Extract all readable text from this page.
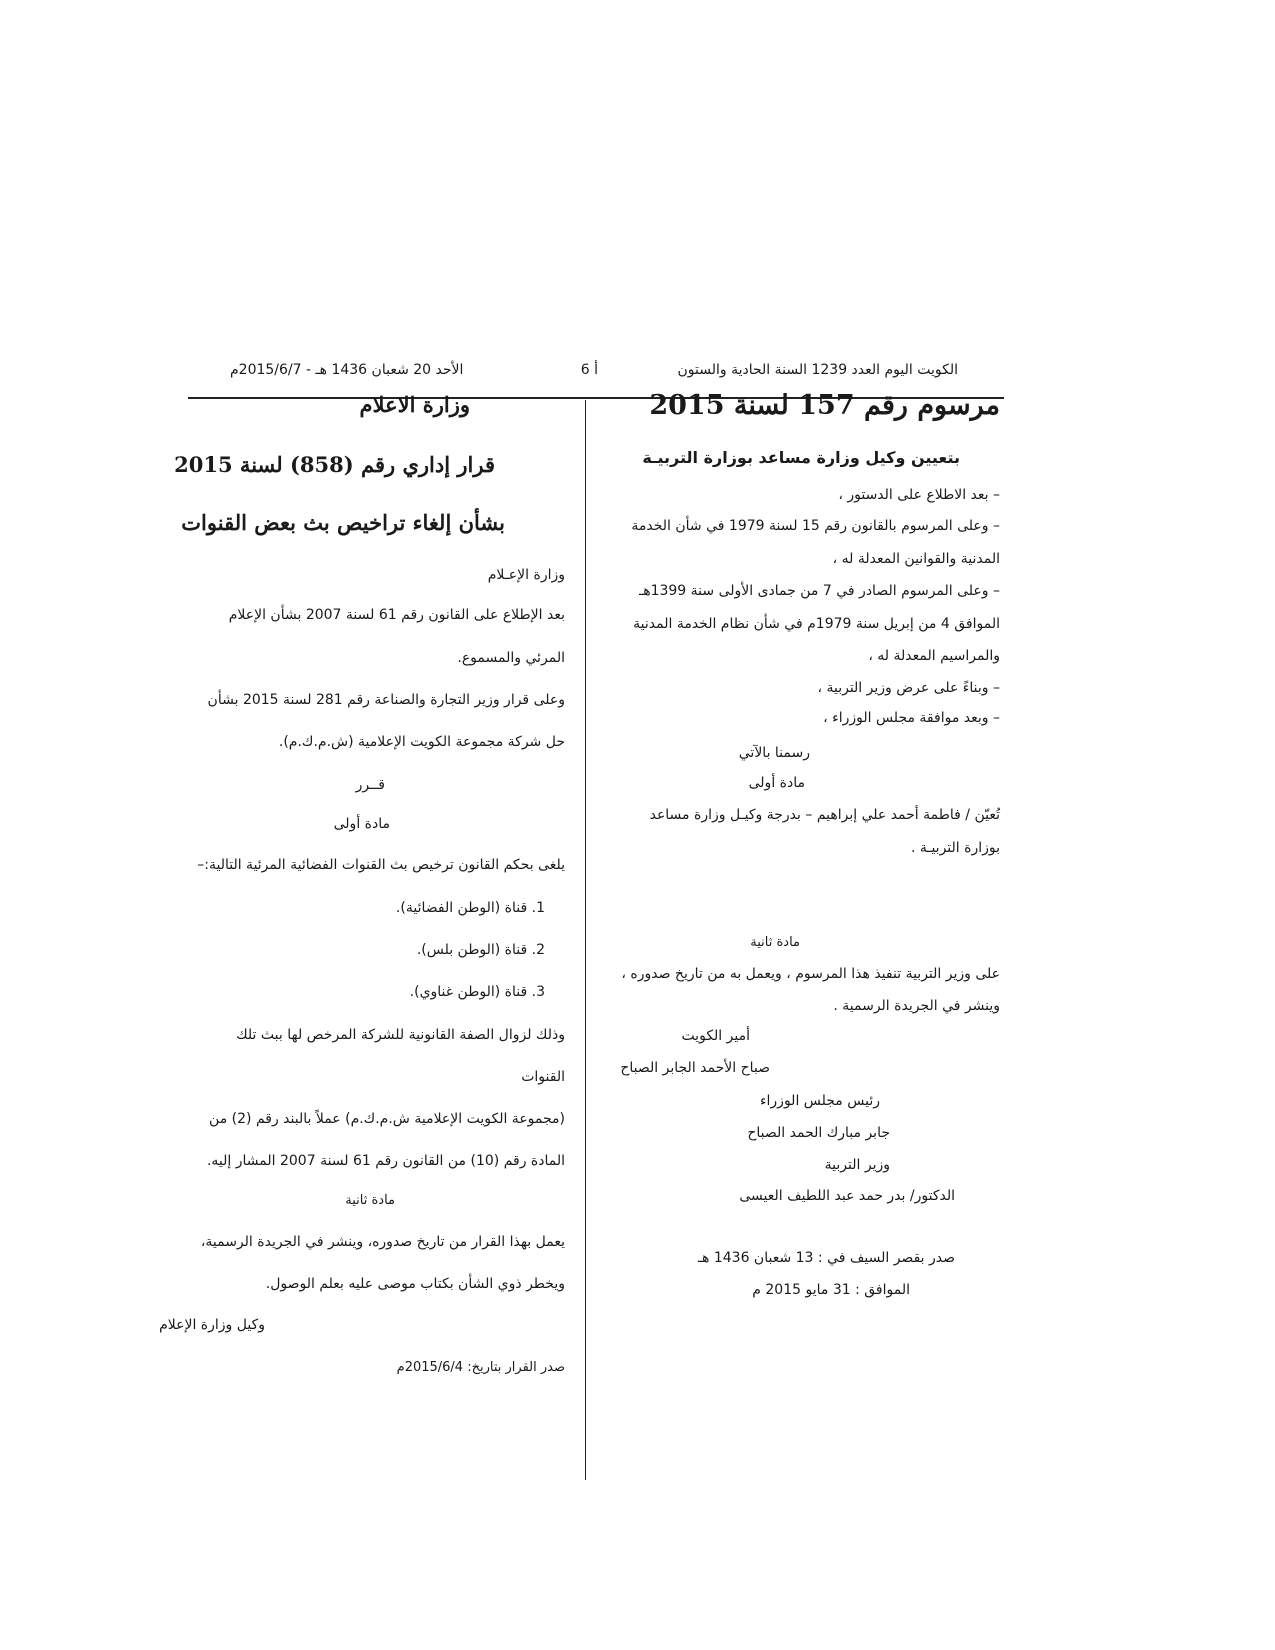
الكويت اليوم العدد 1239 السنة الحادية والستون
أ 6
الأحد 20 شعبان 1436 هـ - 2015/6/7م
مرسوم رقم 157 لسنة 2015
بتعيين وكيل وزارة مساعد بوزارة التربيـة
– بعد الاطلاع على الدستور ،
– وعلى المرسوم بالقانون رقم 15 لسنة 1979 في شأن الخدمة
المدنية والقوانين المعدلة له ،
– وعلى المرسوم الصادر في 7 من جمادى الأولى سنة 1399هـ
الموافق 4 من إبريل سنة 1979م في شأن نظام الخدمة المدنية
والمراسيم المعدلة له ،
– وبناءً على عرض وزير التربية ،
– وبعد موافقة مجلس الوزراء ،
رسمنا بالآتي
مادة أولى
تُعيّن / فاطمة أحمد علي إبراهيم – بدرجة وكيـل وزارة مساعد
بوزارة التربيـة .
مادة ثانية
على وزير التربية تنفيذ هذا المرسوم ، ويعمل به من تاريخ صدوره ،
وينشر في الجريدة الرسمية .
أمير الكويت
صباح الأحمد الجابر الصباح
رئيس مجلس الوزراء
جابر مبارك الحمد الصباح
وزير التربية
الدكتور/ بدر حمد عبد اللطيف العيسى
صدر بقصر السيف في : 13 شعبان 1436 هـ
الموافق : 31 مايو 2015 م
وزارة الاعلام
قرار إداري رقم (858) لسنة 2015
بشأن إلغاء تراخيص بث بعض القنوات
وزارة الإعـلام
بعد الإطلاع على القانون رقم 61 لسنة 2007 بشأن الإعلام
المرئي والمسموع.
وعلى قرار وزير التجارة والصناعة رقم 281 لسنة 2015 بشأن
حل شركة مجموعة الكويت الإعلامية (ش.م.ك.م).
قــرر
مادة أولى
يلغى بحكم القانون ترخيص بث القنوات الفضائية المرئية التالية:–
1. قناة (الوطن الفضائية).
2. قناة (الوطن بلس).
3. قناة (الوطن غناوي).
وذلك لزوال الصفة القانونية للشركة المرخص لها ببث تلك
القنوات
(مجموعة الكويت الإعلامية ش.م.ك.م) عملاً بالبند رقم (2) من
المادة رقم (10) من القانون رقم 61 لسنة 2007 المشار إليه.
مادة ثانية
يعمل بهذا القرار من تاريخ صدوره، وينشر في الجريدة الرسمية،
ويخطر ذوي الشأن بكتاب موصى عليه بعلم الوصول.
وكيل وزارة الإعلام
صدر القرار بتاريخ: 2015/6/4م
